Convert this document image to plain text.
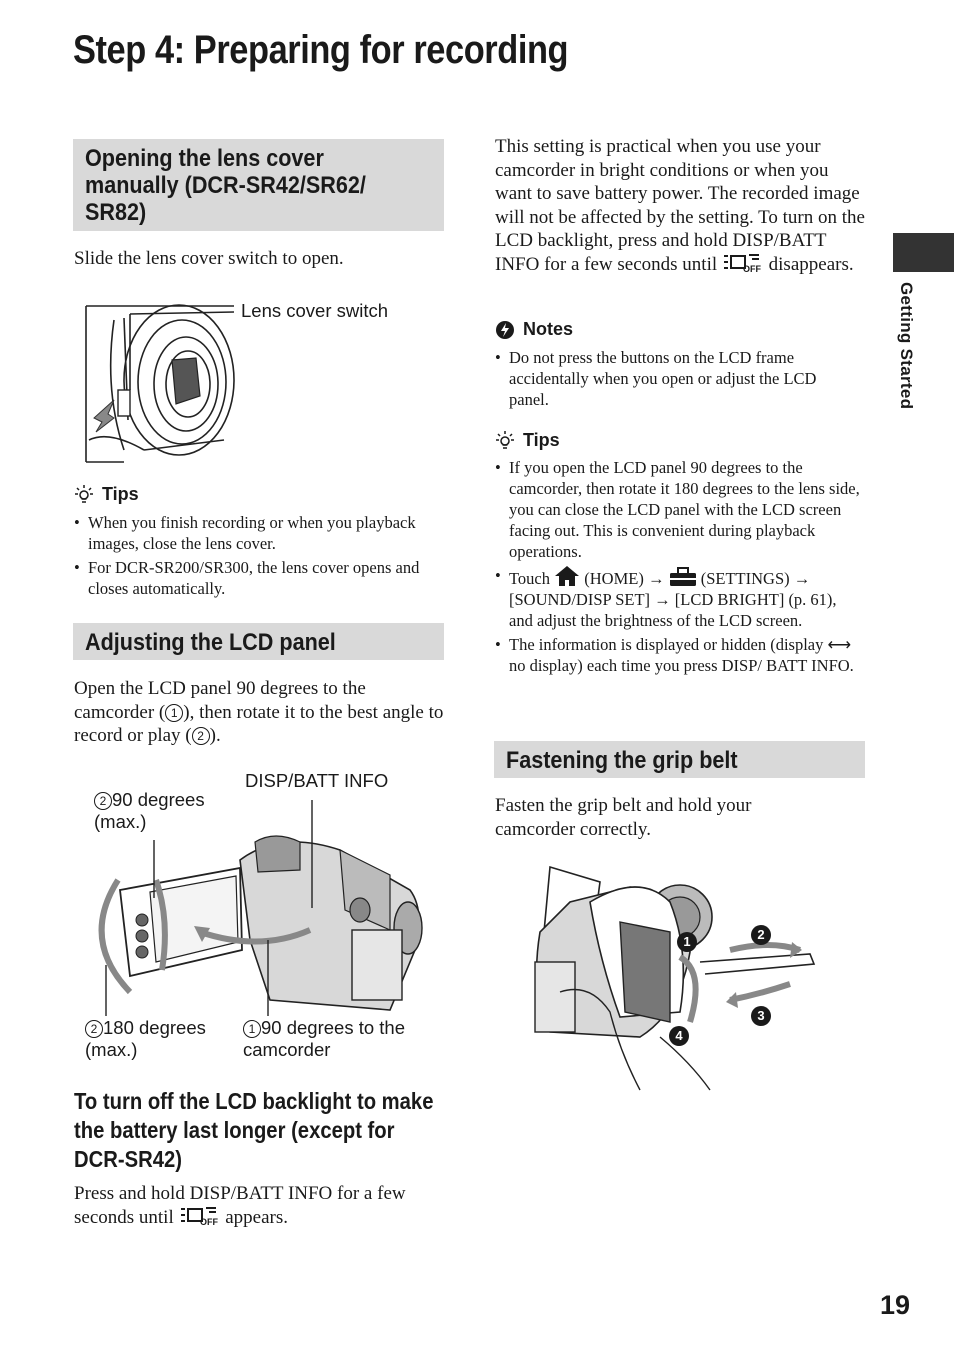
Step 4: Preparing for recording
Getting Started
Opening the lens cover
manually (DCR-SR42/SR62/
SR82)
Slide the lens cover switch to open.
Lens cover switch
Tips
• When you finish recording or when you playback images, close the lens cover.
• For DCR-SR200/SR300, the lens cover opens and closes automatically.
Adjusting the LCD panel
Open the LCD panel 90 degrees to the camcorder ( 1 ), then rotate it to the best angle to record or play ( 2 ).
DISP/BATT INFO
2 90 degrees
(max.)
2 180 degrees
(max.)
1 90 degrees to the
camcorder
To turn off the LCD backlight to make
the battery last longer (except for
DCR-SR42)
Press and hold DISP/BATT INFO for a few seconds until	OFF appears.
This setting is practical when you use your camcorder in bright conditions or when you want to save battery power. The recorded image will not be affected by the setting. To turn on the LCD backlight, press and hold DISP/BATT INFO for a few seconds until	OFF disappears.
Notes
• Do not press the buttons on the LCD frame accidentally when you open or adjust the LCD panel.
Tips
• If you open the LCD panel 90 degrees to the camcorder, then rotate it 180 degrees to the lens side, you can close the LCD panel with the LCD screen facing out. This is convenient during playback operations.
• Touch (HOME) → (SETTINGS) → [SOUND/DISP SET] → [LCD BRIGHT] (p. 61), and adjust the brightness of the LCD screen.
• The information is displayed or hidden (display ⟷ no display) each time you press DISP/ BATT INFO.
Fastening the grip belt
Fasten the grip belt and hold your camcorder correctly.
1	2
3
4
19
